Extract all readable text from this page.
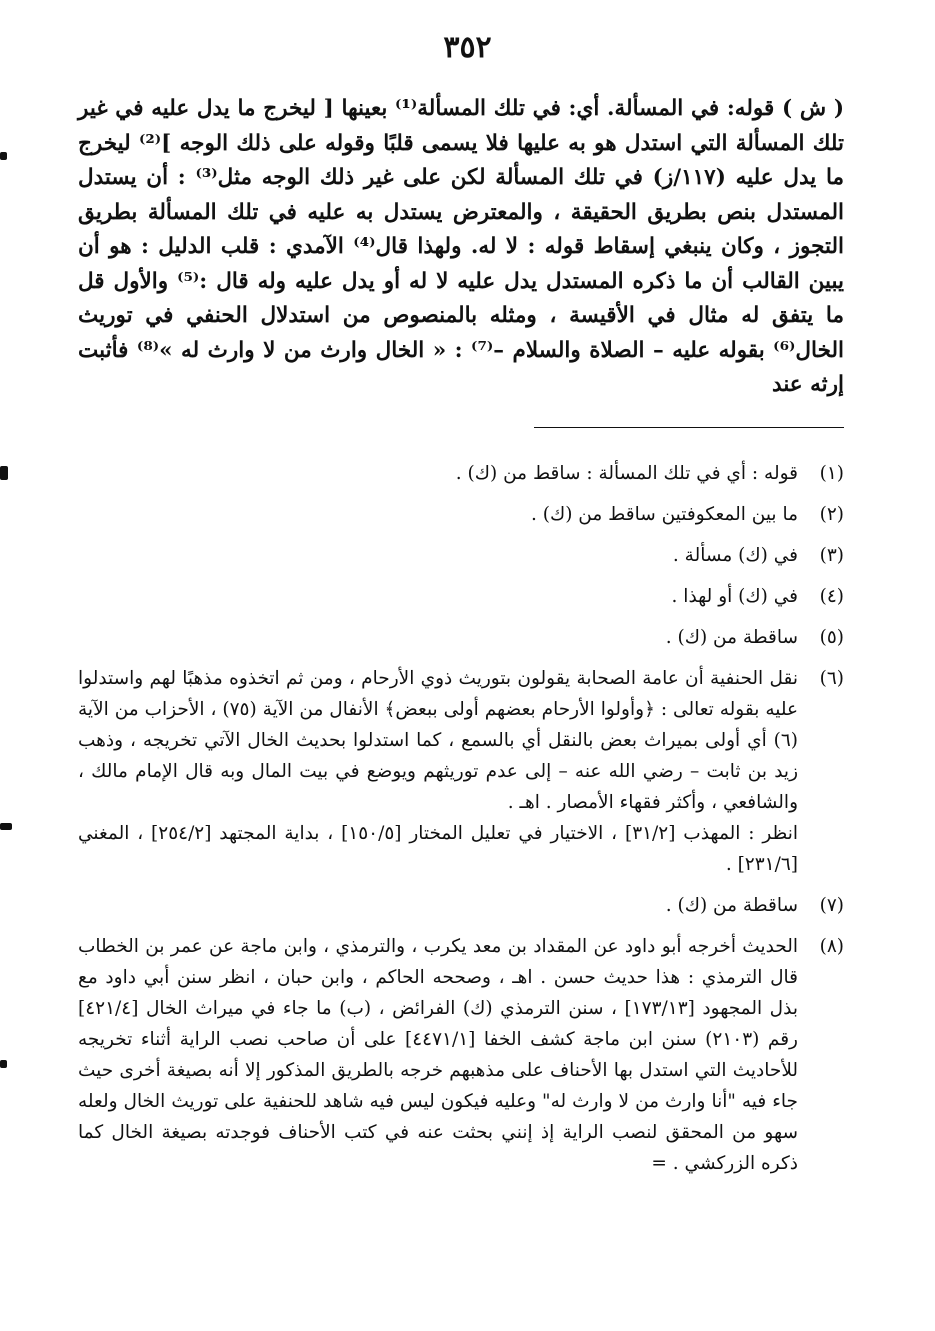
٣٥٢

( ش ) قوله: في المسألة. أي: في تلك المسألة⁽¹⁾ بعينها [ ليخرج ما يدل عليه في غير تلك المسألة التي استدل هو به عليها فلا يسمى قلبًا وقوله على ذلك الوجه ]⁽²⁾ ليخرج ما يدل عليه (١١٧/ز) في تلك المسألة لكن على غير ذلك الوجه مثل⁽³⁾ : أن يستدل المستدل بنص بطريق الحقيقة ، والمعترض يستدل به عليه في تلك المسألة بطريق التجوز ، وكان ينبغي إسقاط قوله : لا له. ولهذا قال⁽⁴⁾ الآمدي : قلب الدليل : هو أن يبين القالب أن ما ذكره المستدل يدل عليه لا له أو يدل عليه وله قال :⁽⁵⁾ والأول قل ما يتفق له مثال في الأقيسة ، ومثله بالمنصوص من استدلال الحنفي في توريث الخال⁽⁶⁾ بقوله عليه – الصلاة والسلام –⁽⁷⁾ : « الخال وارث من لا وارث له »⁽⁸⁾ فأثبت إرثه عند

(١)
قوله : أي في تلك المسألة : ساقط من (ك) .
(٢)
ما بين المعكوفتين ساقط من (ك) .
(٣)
في (ك) مسألة .
(٤)
في (ك) أو لهذا .
(٥)
ساقطة من (ك) .
(٦)
نقل الحنفية أن عامة الصحابة يقولون بتوريث ذوي الأرحام ، ومن ثم اتخذوه مذهبًا لهم واستدلوا عليه بقوله تعالى : ﴿وأولوا الأرحام بعضهم أولى ببعض﴾ الأنفال من الآية (٧٥) ، الأحزاب من الآية (٦) أي أولى بميراث بعض بالنقل أي بالسمع ، كما استدلوا بحديث الخال الآتي تخريجه ، وذهب زيد بن ثابت – رضي الله عنه – إلى عدم توريثهم ويوضع في بيت المال وبه قال الإمام مالك ، والشافعي ، وأكثر فقهاء الأمصار . اهـ .
انظر : المهذب [٣١/٢] ، الاختيار في تعليل المختار [١٥٠/٥] ، بداية المجتهد [٢٥٤/٢] ، المغني [٢٣١/٦] .
(٧)
ساقطة من (ك) .
(٨)
الحديث أخرجه أبو داود عن المقداد بن معد يكرب ، والترمذي ، وابن ماجة عن عمر بن الخطاب قال الترمذي : هذا حديث حسن . اهـ ، وصححه الحاكم ، وابن حبان ، انظر سنن أبي داود مع بذل المجهود [١٧٣/١٣] ، سنن الترمذي (ك) الفرائض ، (ب) ما جاء في ميراث الخال [٤٢١/٤] رقم (٢١٠٣) سنن ابن ماجة كشف الخفا [٤٤٧١/١] على أن صاحب نصب الراية أثناء تخريجه للأحاديث التي استدل بها الأحناف على مذهبهم خرجه بالطريق المذكور إلا أنه بصيغة أخرى حيث جاء فيه "أنا وارث من لا وارث له" وعليه فيكون ليس فيه شاهد للحنفية على توريث الخال ولعله سهو من المحقق لنصب الراية إذ إنني بحثت عنه في كتب الأحناف فوجدته بصيغة الخال كما ذكره الزركشي . =
